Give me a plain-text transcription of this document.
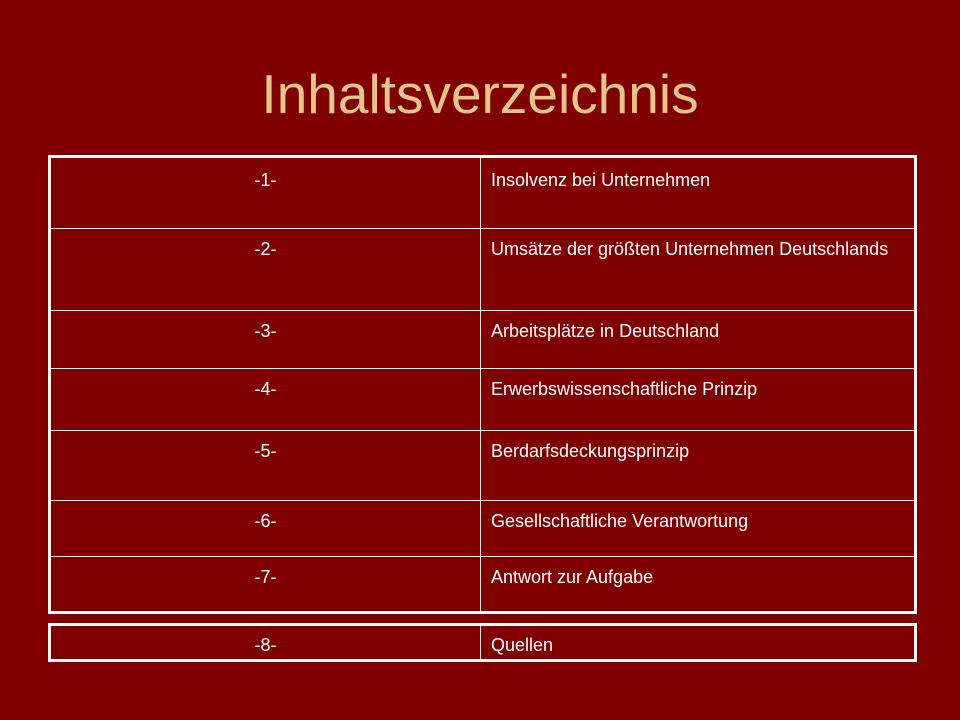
Inhaltsverzeichnis
-1-	Insolvenz bei Unternehmen
-2-	Umsätze der größten Unternehmen Deutschlands
-3-	Arbeitsplätze in Deutschland
-4-	Erwerbswissenschaftliche Prinzip
-5-	Berdarfsdeckungsprinzip
-6-	Gesellschaftliche Verantwortung
-7-	Antwort zur Aufgabe
-8-	Quellen
